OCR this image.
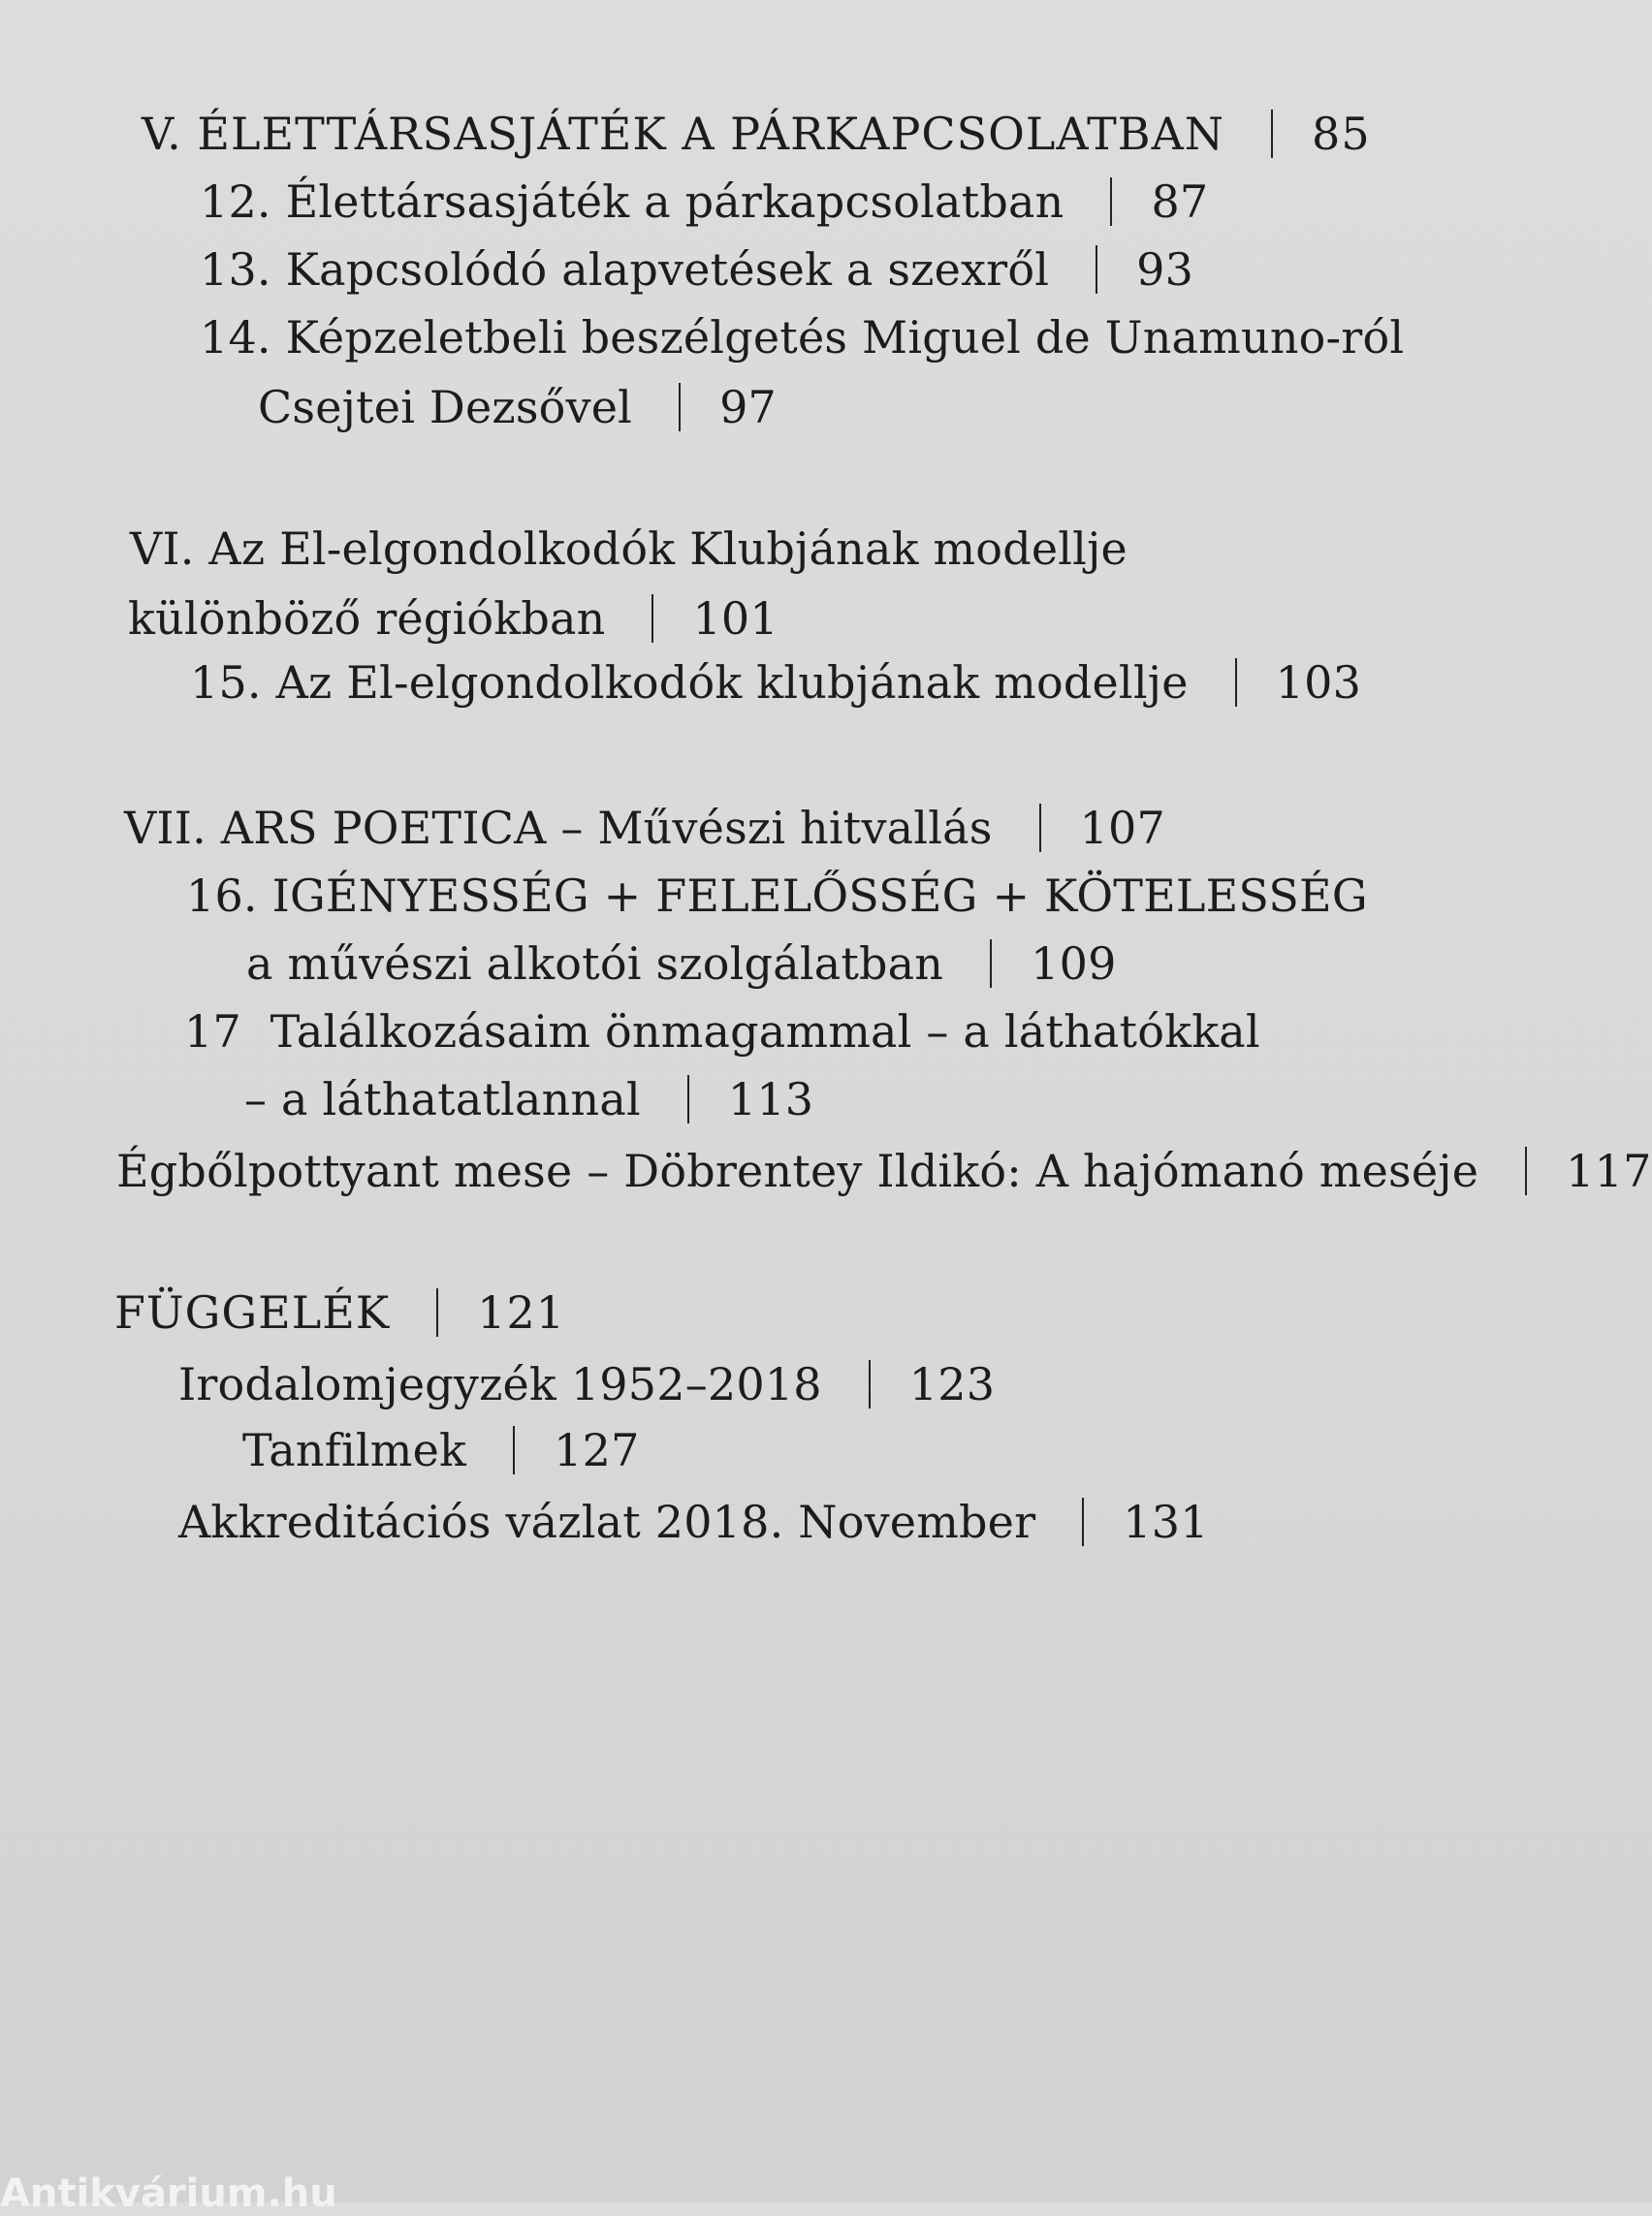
V. ÉLETTÁRSASJÁTÉK A PÁRKAPCSOLATBAN 85
12. Élettársasjáték a párkapcsolatban 87
13. Kapcsolódó alapvetések a szexről 93
14. Képzeletbeli beszélgetés Miguel de Unamuno-ról
Csejtei Dezsővel 97
VI. Az El-elgondolkodók Klubjának modellje
különböző régiókban 101
15. Az El-elgondolkodók klubjának modellje 103
VII. ARS POETICA – Művészi hitvallás 107
16. IGÉNYESSÉG + FELELŐSSÉG + KÖTELESSÉG
a művészi alkotói szolgálatban 109
17  Találkozásaim önmagammal – a láthatókkal
– a láthatatlannal 113
Égbőlpottyant mese – Döbrentey Ildikó: A hajómanó meséje 117
FÜGGELÉK 121
Irodalomjegyzék 1952–2018 123
Tanfilmek 127
Akkreditációs vázlat 2018. November 131
Antikvárium.hu
